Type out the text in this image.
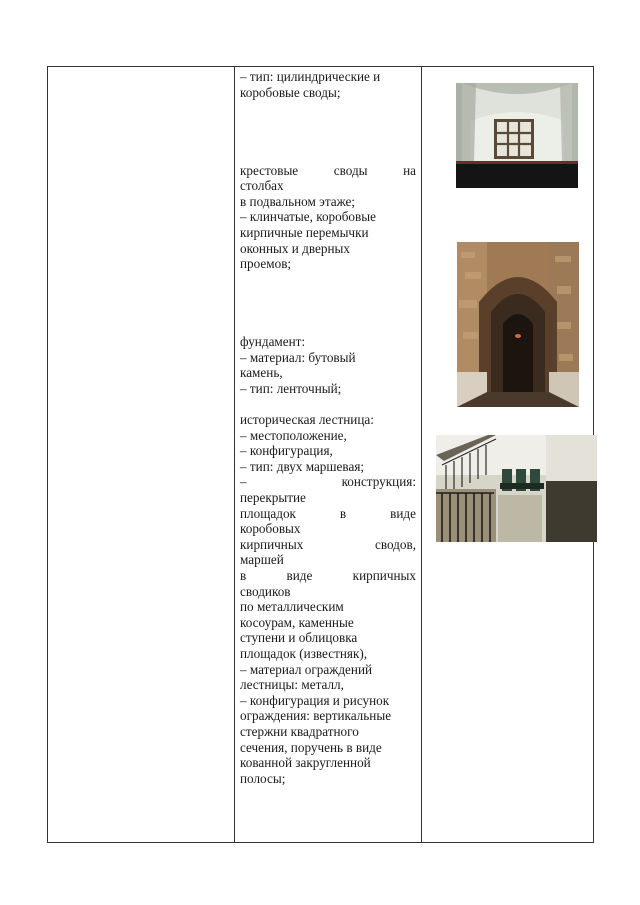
– тип: цилиндрические и
коробовые своды;
крестовые	своды	на
столбах
в подвальном этаже;
– клинчатые, коробовые
кирпичные перемычки
оконных и дверных
проемов;
фундамент:
– материал: бутовый
камень,
– тип: ленточный;
историческая лестница:
– местоположение,
– конфигурация,
– тип: двух маршевая;
–	конструкция:
перекрытие
площадок	в	виде
коробовых
кирпичных	сводов,
маршей
в	виде	кирпичных
сводиков
по металлическим
косоурам, каменные
ступени и облицовка
площадок (известняк),
– материал ограждений
лестницы: металл,
– конфигурация и рисунок
ограждения: вертикальные
стержни квадратного
сечения, поручень в виде
кованной закругленной
полосы;
